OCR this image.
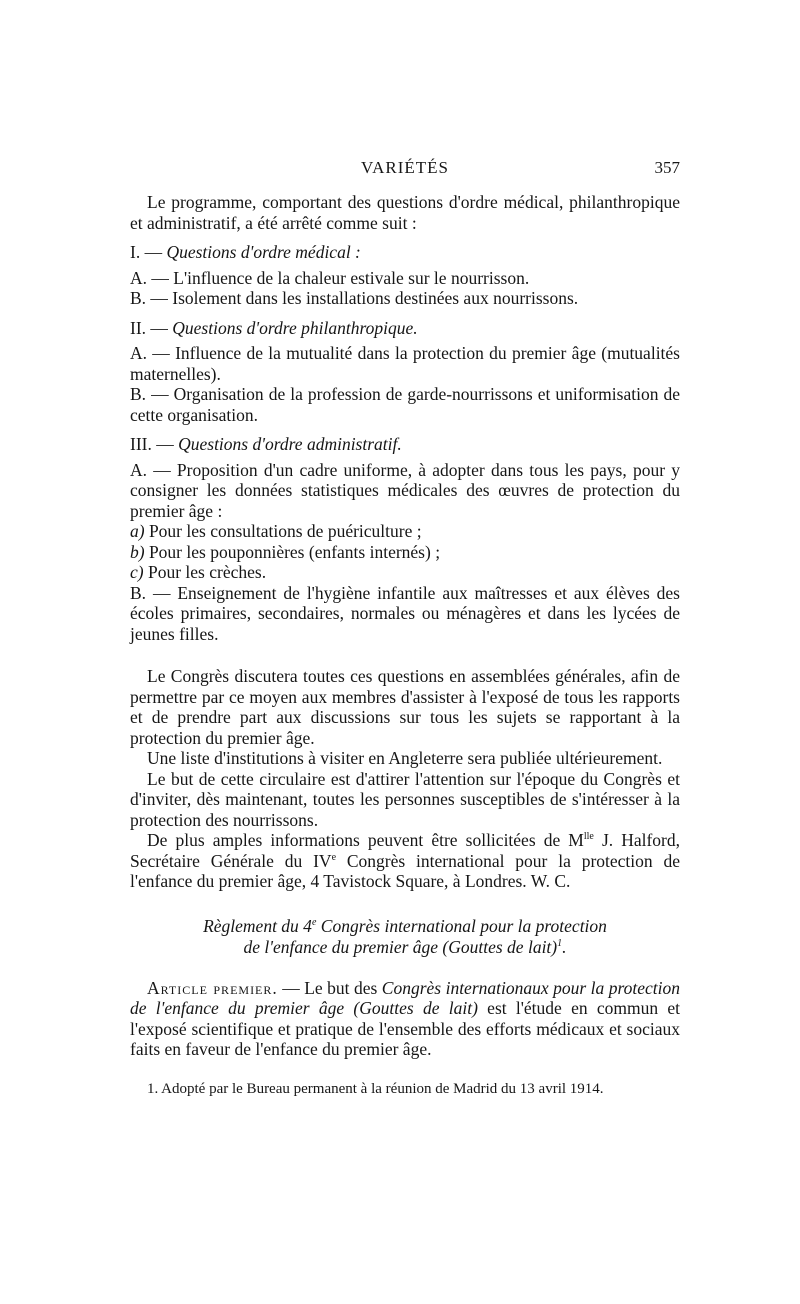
VARIÉTÉS	357

Le programme, comportant des questions d'ordre médical, philanthropique et administratif, a été arrêté comme suit :

I. — Questions d'ordre médical :

A. — L'influence de la chaleur estivale sur le nourrisson.

B. — Isolement dans les installations destinées aux nourrissons.

II. — Questions d'ordre philanthropique.

A. — Influence de la mutualité dans la protection du premier âge (mutualités maternelles).

B. — Organisation de la profession de garde-nourrissons et uniformisation de cette organisation.

III. — Questions d'ordre administratif.

A. — Proposition d'un cadre uniforme, à adopter dans tous les pays, pour y consigner les données statistiques médicales des œuvres de protection du premier âge :

a) Pour les consultations de puériculture ;

b) Pour les pouponnières (enfants internés) ;

c) Pour les crèches.

B. — Enseignement de l'hygiène infantile aux maîtresses et aux élèves des écoles primaires, secondaires, normales ou ménagères et dans les lycées de jeunes filles.

Le Congrès discutera toutes ces questions en assemblées générales, afin de permettre par ce moyen aux membres d'assister à l'exposé de tous les rapports et de prendre part aux discussions sur tous les sujets se rapportant à la protection du premier âge.

Une liste d'institutions à visiter en Angleterre sera publiée ultérieurement.

Le but de cette circulaire est d'attirer l'attention sur l'époque du Congrès et d'inviter, dès maintenant, toutes les personnes susceptibles de s'intéresser à la protection des nourrissons.

De plus amples informations peuvent être sollicitées de $M^{lle}$ J. Halford, Secrétaire Générale du IVe Congrès international pour la protection de l'enfance du premier âge, 4 Tavistock Square, à Londres. W. C.

Règlement du 4e Congrès international pour la protection

de l'enfance du premier âge (Gouttes de lait)$^1$.

Article premier. — Le but des Congrès internationaux pour la protection de l'enfance du premier âge (Gouttes de lait) est l'étude en commun et l'exposé scientifique et pratique de l'ensemble des efforts médicaux et sociaux faits en faveur de l'enfance du premier âge.

1. Adopté par le Bureau permanent à la réunion de Madrid du 13 avril 1914.
